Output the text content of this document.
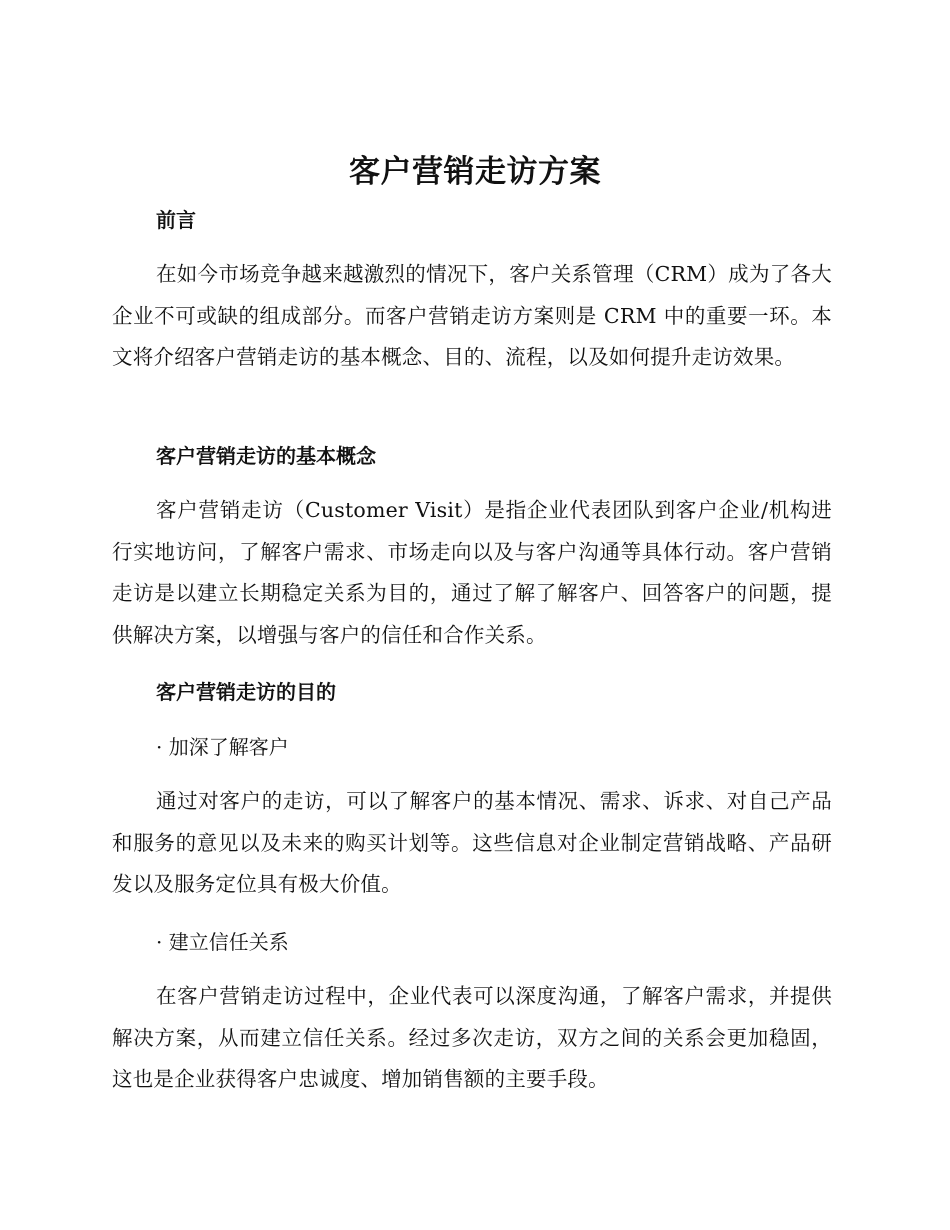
客户营销走访方案
前言

在如今市场竞争越来越激烈的情况下，客户关系管理（CRM）成为了各大企业不可或缺的组成部分。而客户营销走访方案则是 CRM 中的重要一环。本文将介绍客户营销走访的基本概念、目的、流程，以及如何提升走访效果。

客户营销走访的基本概念

客户营销走访（Customer Visit）是指企业代表团队到客户企业/机构进行实地访问，了解客户需求、市场走向以及与客户沟通等具体行动。客户营销走访是以建立长期稳定关系为目的，通过了解了解客户、回答客户的问题，提供解决方案，以增强与客户的信任和合作关系。

客户营销走访的目的
· 加深了解客户

通过对客户的走访，可以了解客户的基本情况、需求、诉求、对自己产品和服务的意见以及未来的购买计划等。这些信息对企业制定营销战略、产品研发以及服务定位具有极大价值。

· 建立信任关系

在客户营销走访过程中，企业代表可以深度沟通，了解客户需求，并提供解决方案，从而建立信任关系。经过多次走访，双方之间的关系会更加稳固，这也是企业获得客户忠诚度、增加销售额的主要手段。
